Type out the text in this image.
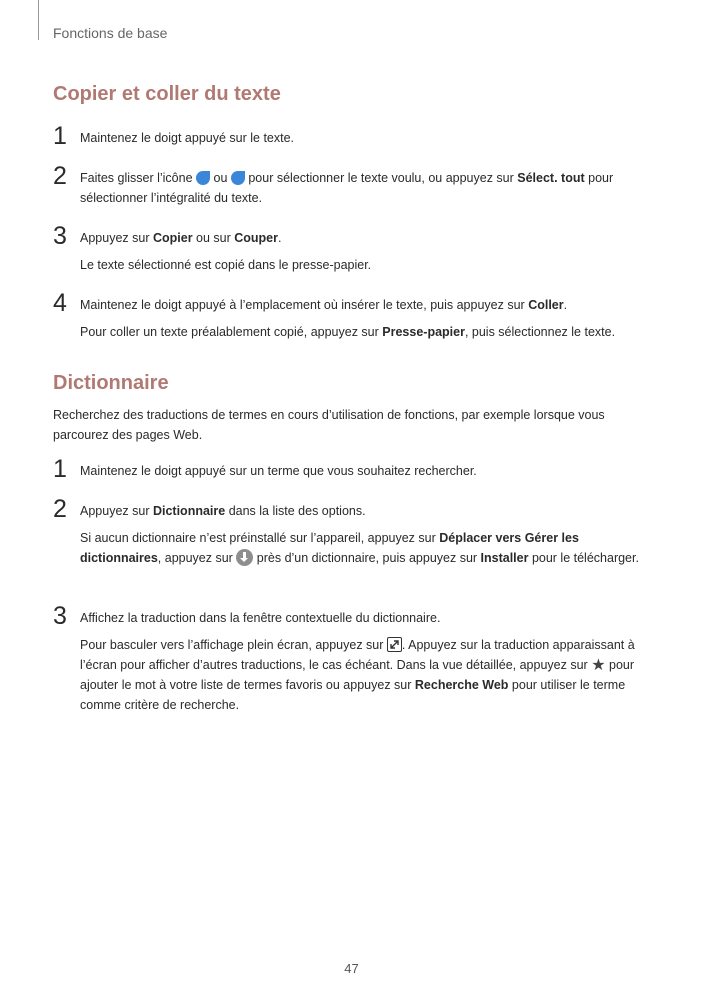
Fonctions de base
Copier et coller du texte
1 Maintenez le doigt appuyé sur le texte.
2 Faites glisser l’icône  ou  pour sélectionner le texte voulu, ou appuyez sur Sélect. tout pour sélectionner l’intégralité du texte.
3 Appuyez sur Copier ou sur Couper.
Le texte sélectionné est copié dans le presse-papier.
4 Maintenez le doigt appuyé à l’emplacement où insérer le texte, puis appuyez sur Coller.
Pour coller un texte préalablement copié, appuyez sur Presse-papier, puis sélectionnez le texte.
Dictionnaire
Recherchez des traductions de termes en cours d’utilisation de fonctions, par exemple lorsque vous parcourez des pages Web.
1 Maintenez le doigt appuyé sur un terme que vous souhaitez rechercher.
2 Appuyez sur Dictionnaire dans la liste des options.
Si aucun dictionnaire n’est préinstallé sur l’appareil, appuyez sur Déplacer vers Gérer les dictionnaires, appuyez sur  près d’un dictionnaire, puis appuyez sur Installer pour le télécharger.
3 Affichez la traduction dans la fenêtre contextuelle du dictionnaire.
Pour basculer vers l’affichage plein écran, appuyez sur
. Appuyez sur la traduction apparaissant à l’écran pour afficher d’autres traductions, le cas échéant. Dans la vue détaillée, appuyez sur ★ pour ajouter le mot à votre liste de termes favoris ou appuyez sur Recherche Web pour utiliser le terme comme critère de recherche.
47
